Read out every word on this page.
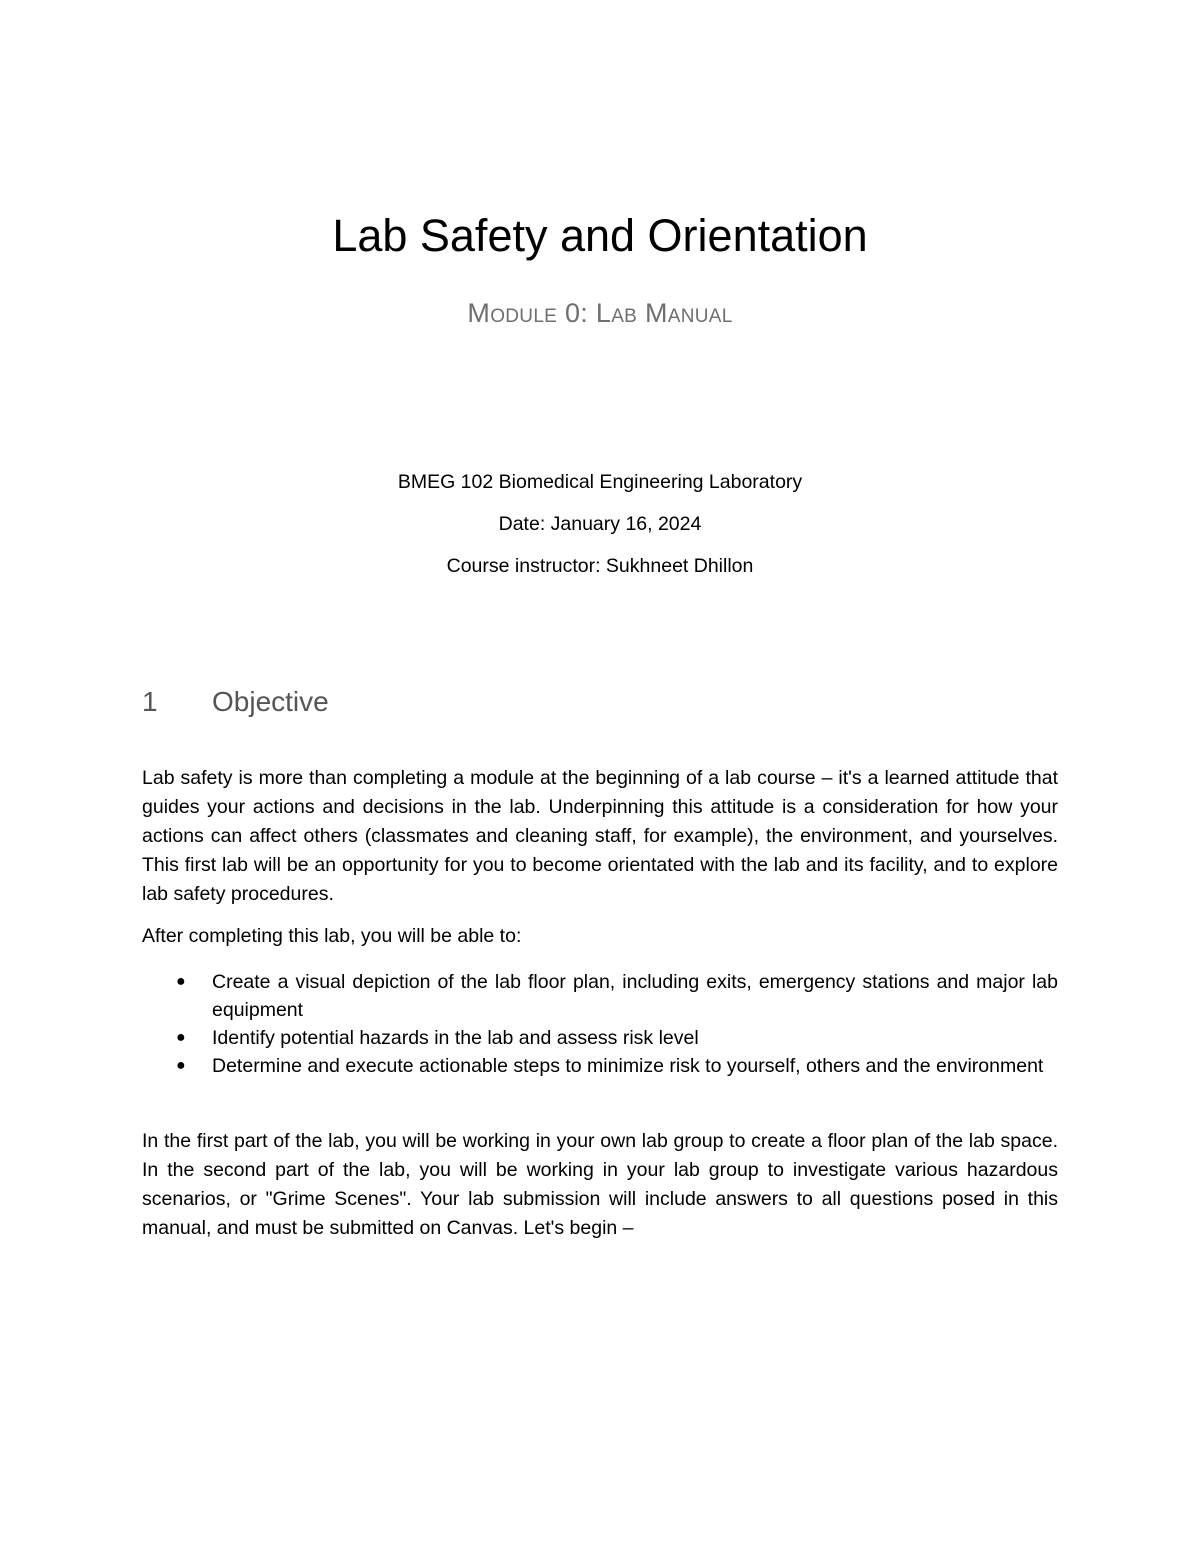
Lab Safety and Orientation

Module 0: Lab Manual

BMEG 102 Biomedical Engineering Laboratory

Date: January 16, 2024

Course instructor: Sukhneet Dhillon

1 Objective

Lab safety is more than completing a module at the beginning of a lab course – it's a learned attitude that guides your actions and decisions in the lab. Underpinning this attitude is a consideration for how your actions can affect others (classmates and cleaning staff, for example), the environment, and yourselves. This first lab will be an opportunity for you to become orientated with the lab and its facility, and to explore lab safety procedures.

After completing this lab, you will be able to:

● Create a visual depiction of the lab floor plan, including exits, emergency stations and major lab equipment
● Identify potential hazards in the lab and assess risk level
● Determine and execute actionable steps to minimize risk to yourself, others and the environment

In the first part of the lab, you will be working in your own lab group to create a floor plan of the lab space. In the second part of the lab, you will be working in your lab group to investigate various hazardous scenarios, or "Grime Scenes". Your lab submission will include answers to all questions posed in this manual, and must be submitted on Canvas. Let's begin –
